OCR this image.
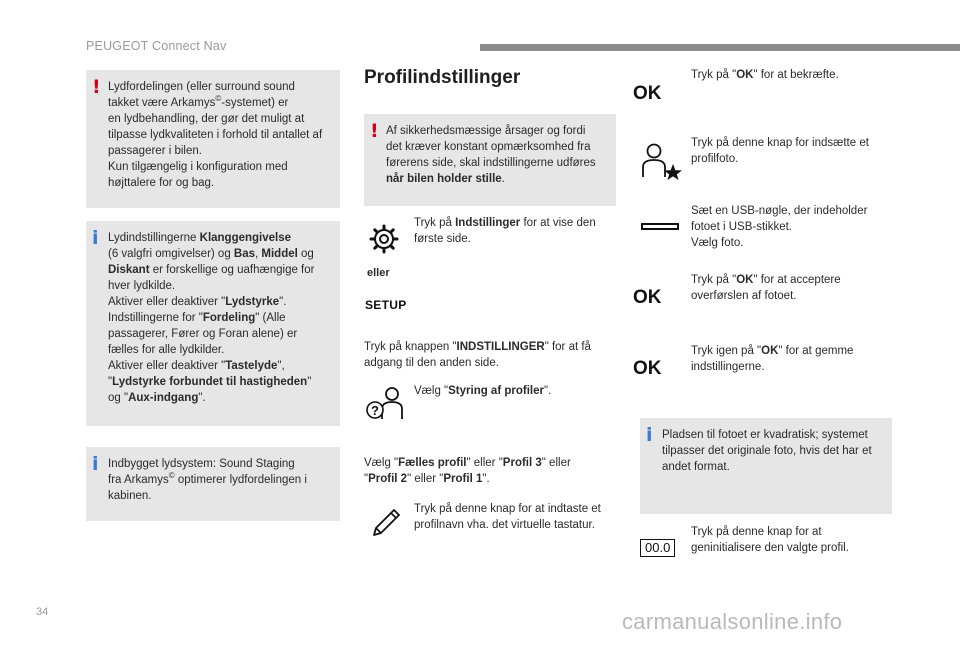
PEUGEOT Connect Nav
!

Lydfordelingen (eller surround sound
takket være Arkamys©-systemet) er
en lydbehandling, der gør det muligt at
tilpasse lydkvaliteten i forhold til antallet af
passagerer i bilen.
Kun tilgængelig i konfiguration med
højttalere for og bag.

i

Lydindstillingerne Klanggengivelse
(6 valgfri omgivelser) og Bas, Middel og
Diskant er forskellige og uafhængige for
hver lydkilde.
Aktiver eller deaktiver "Lydstyrke".
Indstillingerne for "Fordeling" (Alle
passagerer, Fører og Foran alene) er
fælles for alle lydkilder.
Aktiver eller deaktiver "Tastelyde",
"Lydstyrke forbundet til hastigheden"
og "Aux-indgang".

i

Indbygget lydsystem: Sound Staging
fra Arkamys© optimerer lydfordelingen i
kabinen.

Profilindstillinger
!

Af sikkerhedsmæssige årsager og fordi
det kræver konstant opmærksomhed fra
førerens side, skal indstillingerne udføres
når bilen holder stille.

Tryk på Indstillinger for at vise den
første side.
eller
SETUP
Tryk på knappen "INDSTILLINGER" for at få
adgang til den anden side.
?
Vælg "Styring af profiler".
Vælg "Fælles profil" eller "Profil 3" eller
"Profil 2" eller "Profil 1".
Tryk på denne knap for at indtaste et
profilnavn vha. det virtuelle tastatur.
OK
Tryk på "OK" for at bekræfte.
Tryk på denne knap for indsætte et
profilfoto.
Sæt en USB-nøgle, der indeholder
fotoet i USB-stikket.
Vælg foto.
OK
Tryk på "OK" for at acceptere
overførslen af fotoet.
OK
Tryk igen på "OK" for at gemme
indstillingerne.
i

Pladsen til fotoet er kvadratisk; systemet
tilpasser det originale foto, hvis det har et
andet format.

00.0
Tryk på denne knap for at
geninitialisere den valgte profil.
34	carmanualsonline.info
